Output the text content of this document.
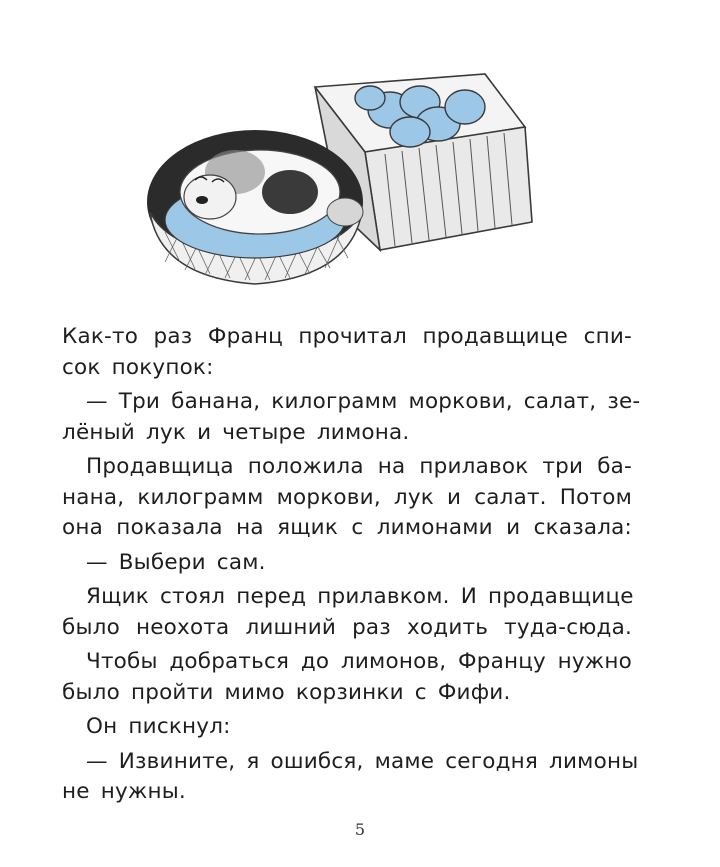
Как-то раз Франц прочитал продавщице спи-
сок покупок:
— Три банана, килограмм моркови, салат, зе-
лёный лук и четыре лимона.
Продавщица положила на прилавок три ба-
нана, килограмм моркови, лук и салат. Потом
она показала на ящик с лимонами и сказала:
— Выбери сам.
Ящик стоял перед прилавком. И продавщице
было неохота лишний раз ходить туда-сюда.
Чтобы добраться до лимонов, Францу нужно
было пройти мимо корзинки с Фифи.
Он пискнул:
— Извините, я ошибся, маме сегодня лимоны
не нужны.
5
